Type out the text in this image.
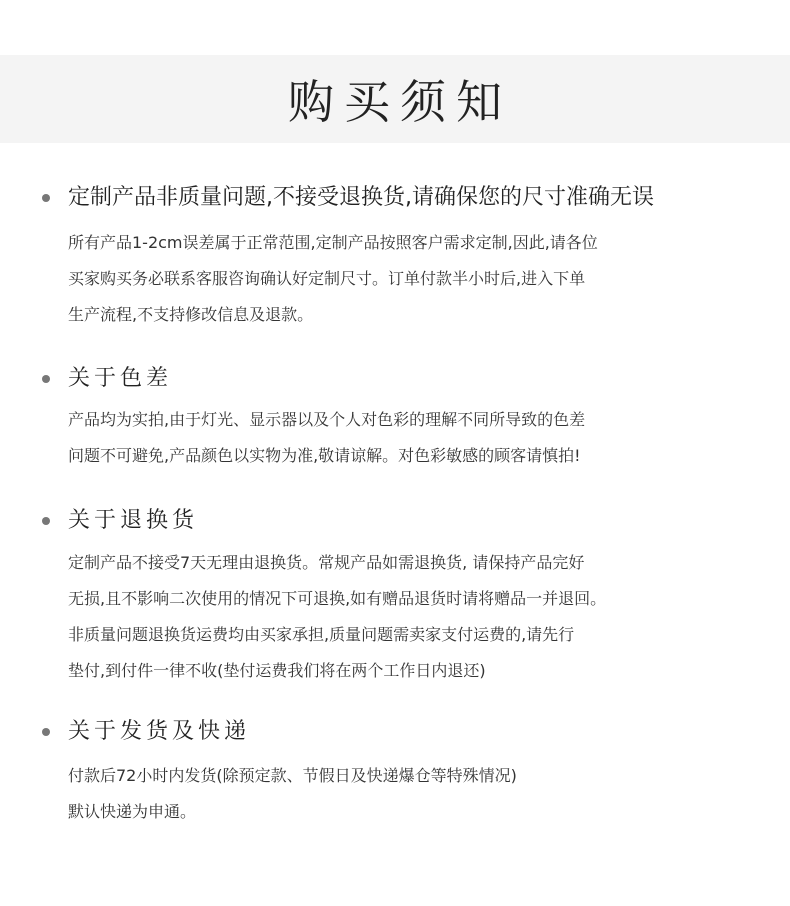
购买须知
定制产品非质量问题,不接受退换货,请确保您的尺寸准确无误
所有产品1-2cm误差属于正常范围,定制产品按照客户需求定制,因此,请各位
买家购买务必联系客服咨询确认好定制尺寸。订单付款半小时后,进入下单
生产流程,不支持修改信息及退款。
关于色差
产品均为实拍,由于灯光、显示器以及个人对色彩的理解不同所导致的色差
问题不可避免,产品颜色以实物为准,敬请谅解。对色彩敏感的顾客请慎拍!
关于退换货
定制产品不接受7天无理由退换货。常规产品如需退换货, 请保持产品完好
无损,且不影响二次使用的情况下可退换,如有赠品退货时请将赠品一并退回。
非质量问题退换货运费均由买家承担,质量问题需卖家支付运费的,请先行
垫付,到付件一律不收(垫付运费我们将在两个工作日内退还)
关于发货及快递
付款后72小时内发货(除预定款、节假日及快递爆仓等特殊情况)
默认快递为申通。
